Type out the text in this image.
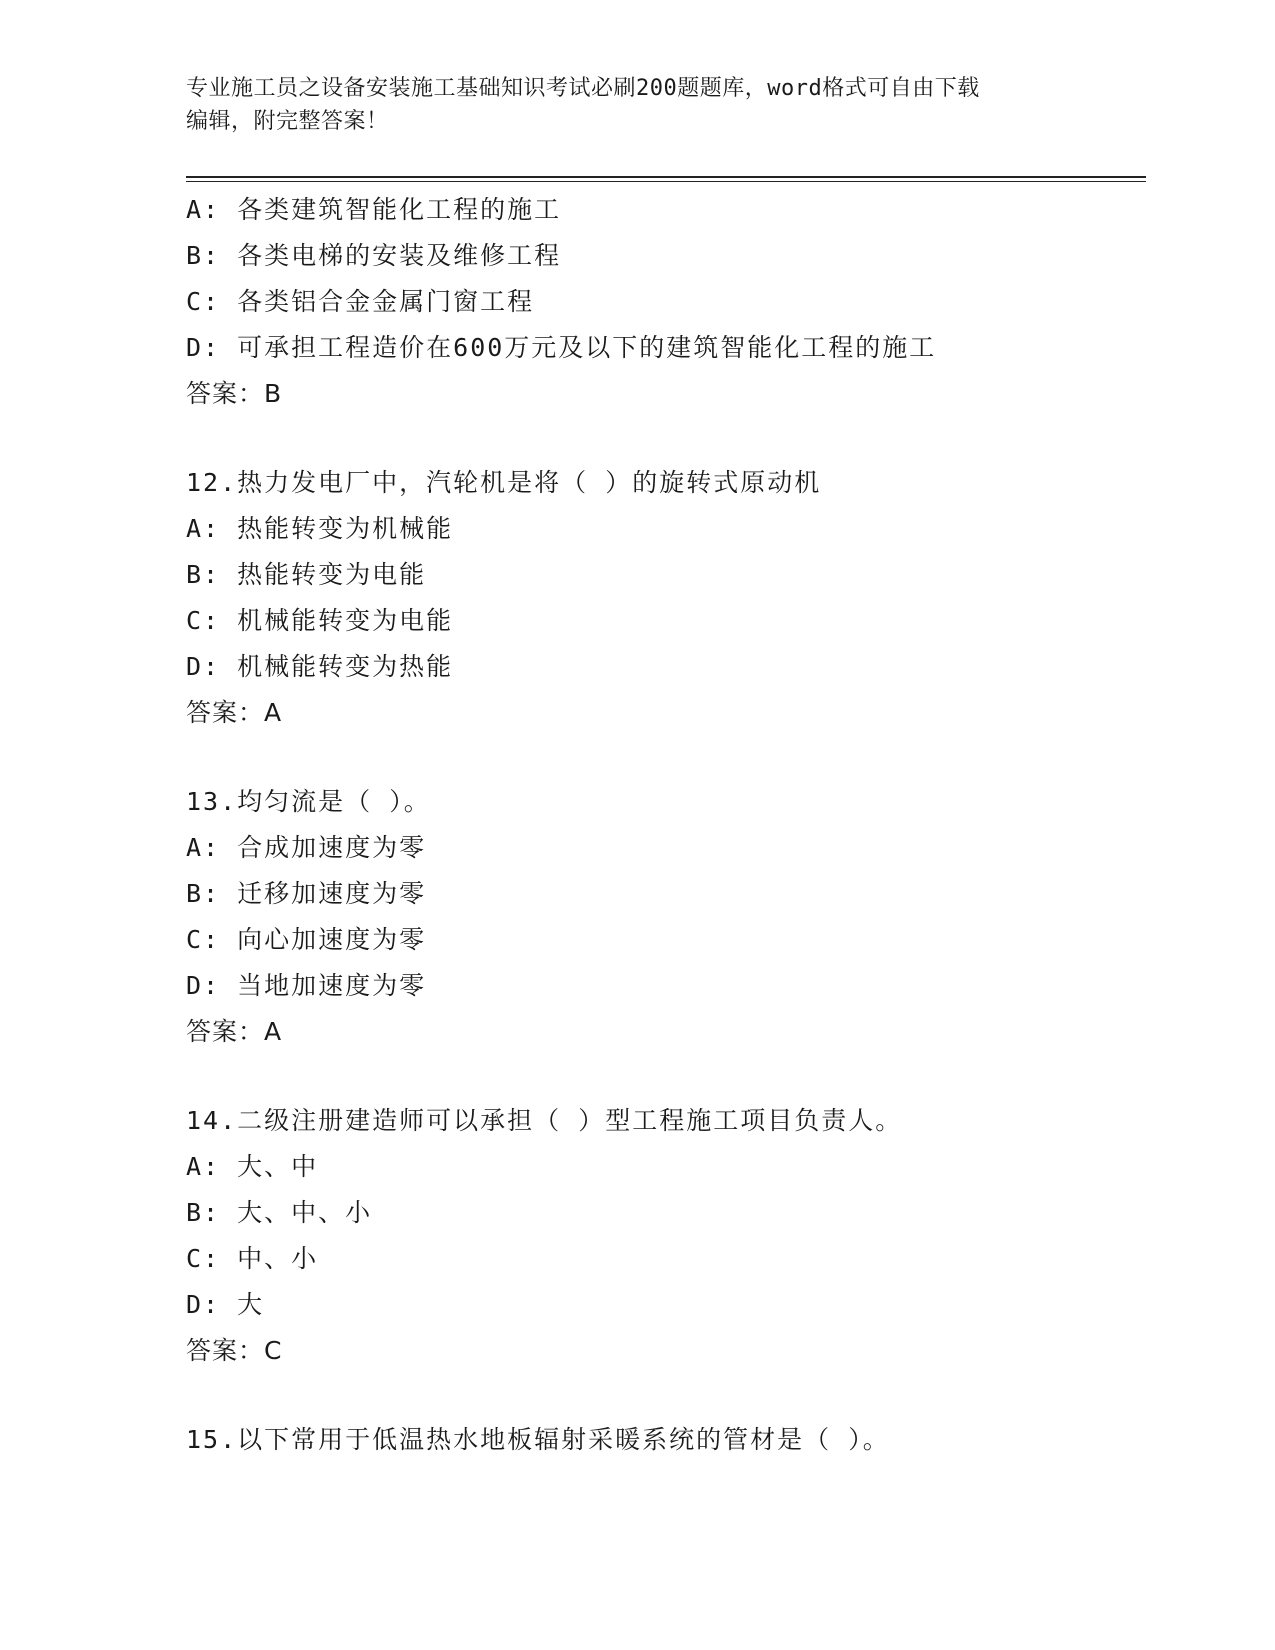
专业施工员之设备安装施工基础知识考试必刷200题题库，word格式可自由下载
编辑，附完整答案！
A: 各类建筑智能化工程的施工
B: 各类电梯的安装及维修工程
C: 各类铝合金金属门窗工程
D: 可承担工程造价在600万元及以下的建筑智能化工程的施工
答案：B
12.热力发电厂中，汽轮机是将（ ）的旋转式原动机
A: 热能转变为机械能
B: 热能转变为电能
C: 机械能转变为电能
D: 机械能转变为热能
答案：A
13.均匀流是（ ）。
A: 合成加速度为零
B: 迁移加速度为零
C: 向心加速度为零
D: 当地加速度为零
答案：A
14.二级注册建造师可以承担（ ）型工程施工项目负责人。
A: 大、中
B: 大、中、小
C: 中、小
D: 大
答案：C
15.以下常用于低温热水地板辐射采暖系统的管材是（ ）。
